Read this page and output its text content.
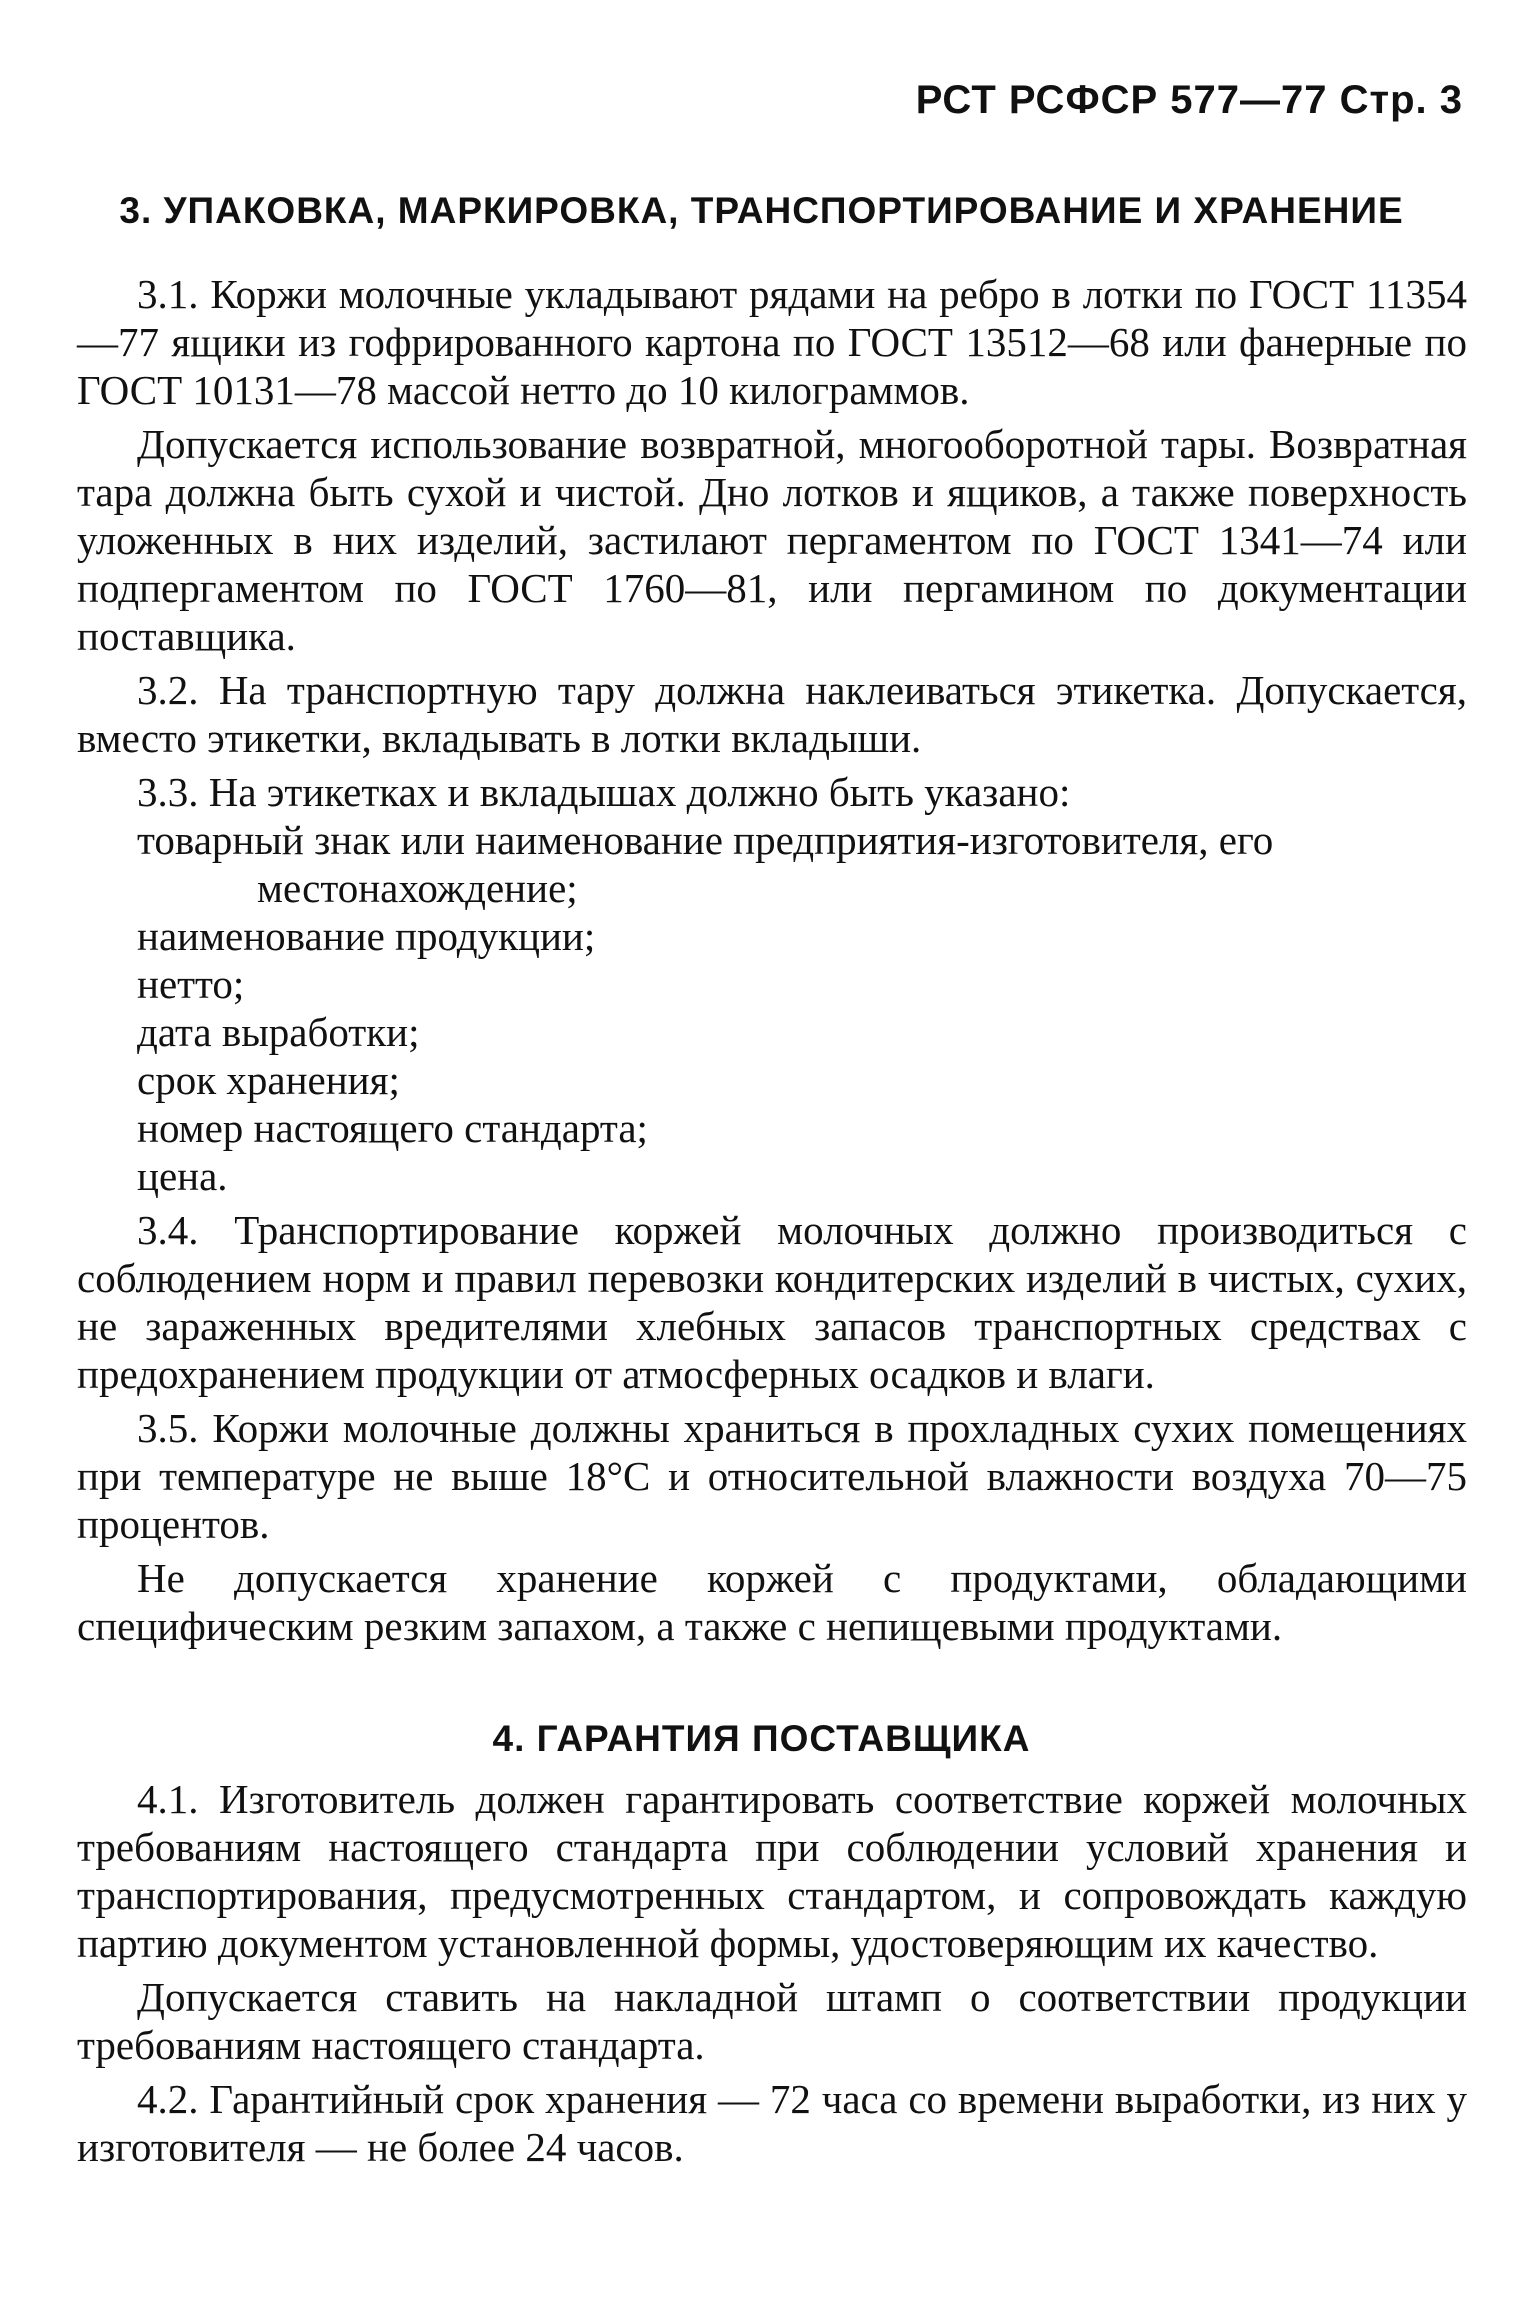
РСТ РСФСР 577—77 Стр. 3
3. УПАКОВКА, МАРКИРОВКА, ТРАНСПОРТИРОВАНИЕ И ХРАНЕНИЕ

3.1. Коржи молочные укладывают рядами на ребро в лотки по ГОСТ 11354—77 ящики из гофрированного картона по ГОСТ 13512—68 или фанерные по ГОСТ 10131—78 массой нетто до 10 килограммов.

Допускается использование возвратной, многооборотной тары. Возвратная тара должна быть сухой и чистой. Дно лотков и ящиков, а также поверхность уложенных в них изделий, застилают пергаментом по ГОСТ 1341—74 или подпергаментом по ГОСТ 1760—81, или пергамином по документации поставщика.

3.2. На транспортную тару должна наклеиваться этикетка. Допускается, вместо этикетки, вкладывать в лотки вкладыши.

3.3. На этикетках и вкладышах должно быть указано:

товарный знак или наименование предприятия-изготовителя, его местонахождение;

наименование продукции;

нетто;

дата выработки;

срок хранения;

номер настоящего стандарта;

цена.

3.4. Транспортирование коржей молочных должно производиться с соблюдением норм и правил перевозки кондитерских изделий в чистых, сухих, не зараженных вредителями хлебных запасов транспортных средствах с предохранением продукции от атмосферных осадков и влаги.

3.5. Коржи молочные должны храниться в прохладных сухих помещениях при температуре не выше 18°С и относительной влажности воздуха 70—75 процентов.

Не допускается хранение коржей с продуктами, обладающими специфическим резким запахом, а также с непищевыми продуктами.

4. ГАРАНТИЯ ПОСТАВЩИКА

4.1. Изготовитель должен гарантировать соответствие коржей молочных требованиям настоящего стандарта при соблюдении условий хранения и транспортирования, предусмотренных стандартом, и сопровождать каждую партию документом установленной формы, удостоверяющим их качество.

Допускается ставить на накладной штамп о соответствии продукции требованиям настоящего стандарта.

4.2. Гарантийный срок хранения — 72 часа со времени выработки, из них у изготовителя — не более 24 часов.
